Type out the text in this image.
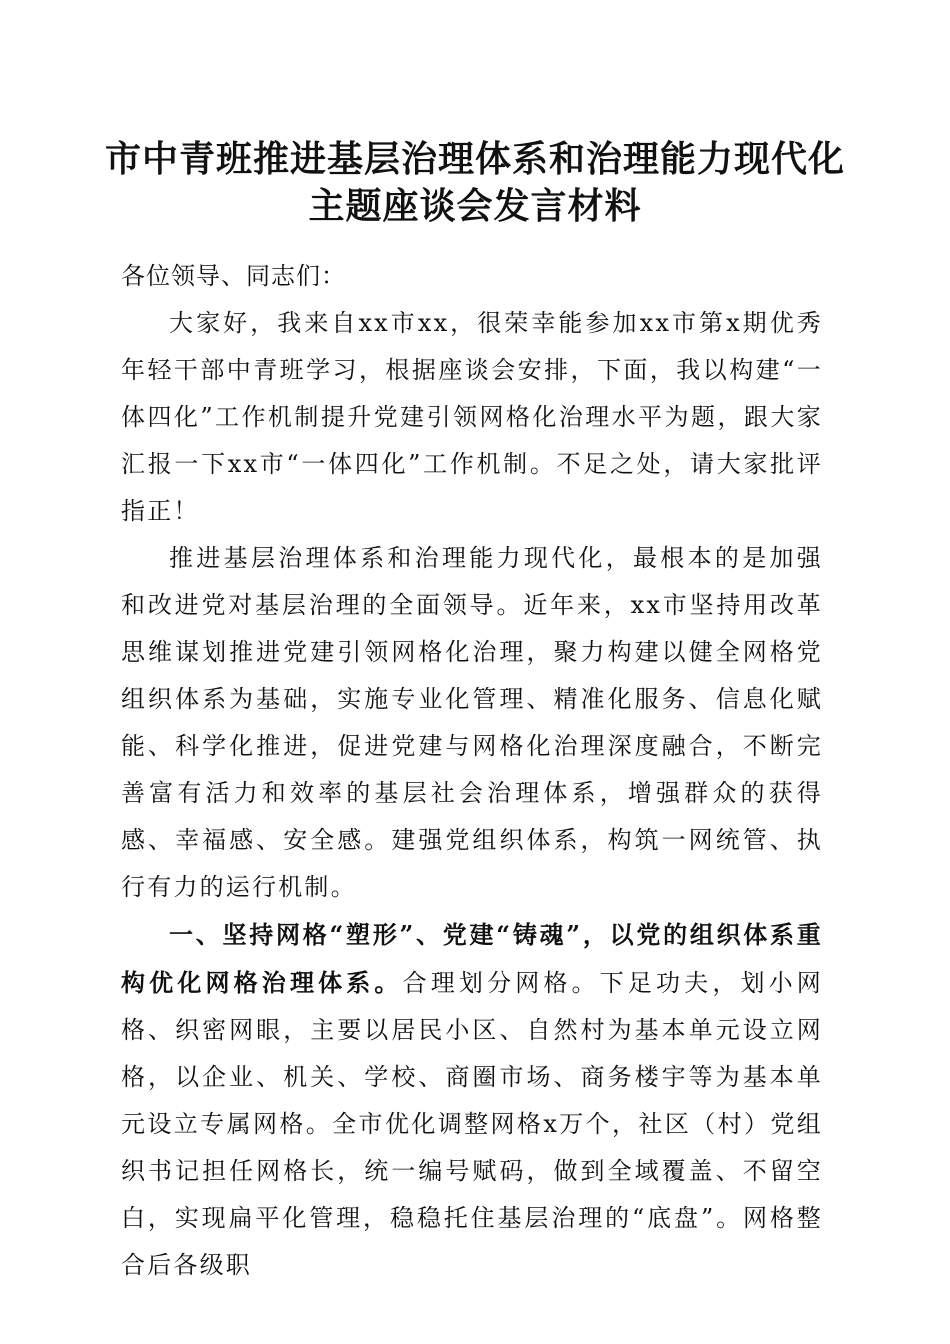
市中青班推进基层治理体系和治理能力现代化
主题座谈会发言材料

各位领导、同志们：

大家好，我来自xx市xx，很荣幸能参加xx市第x期优秀年轻干部中青班学习，根据座谈会安排，下面，我以构建“一体四化”工作机制提升党建引领网格化治理水平为题，跟大家汇报一下xx市“一体四化”工作机制。不足之处，请大家批评指正！

推进基层治理体系和治理能力现代化，最根本的是加强和改进党对基层治理的全面领导。近年来，xx市坚持用改革思维谋划推进党建引领网格化治理，聚力构建以健全网格党组织体系为基础，实施专业化管理、精准化服务、信息化赋能、科学化推进，促进党建与网格化治理深度融合，不断完善富有活力和效率的基层社会治理体系，增强群众的获得感、幸福感、安全感。建强党组织体系，构筑一网统管、执行有力的运行机制。

一、坚持网格“塑形”、党建“铸魂”，以党的组织体系重构优化网格治理体系。合理划分网格。下足功夫，划小网格、织密网眼，主要以居民小区、自然村为基本单元设立网格，以企业、机关、学校、商圈市场、商务楼宇等为基本单元设立专属网格。全市优化调整网格x万个，社区（村）党组织书记担任网格长，统一编号赋码，做到全域覆盖、不留空白，实现扁平化管理，稳稳托住基层治理的“底盘”。网格整合后各级职
